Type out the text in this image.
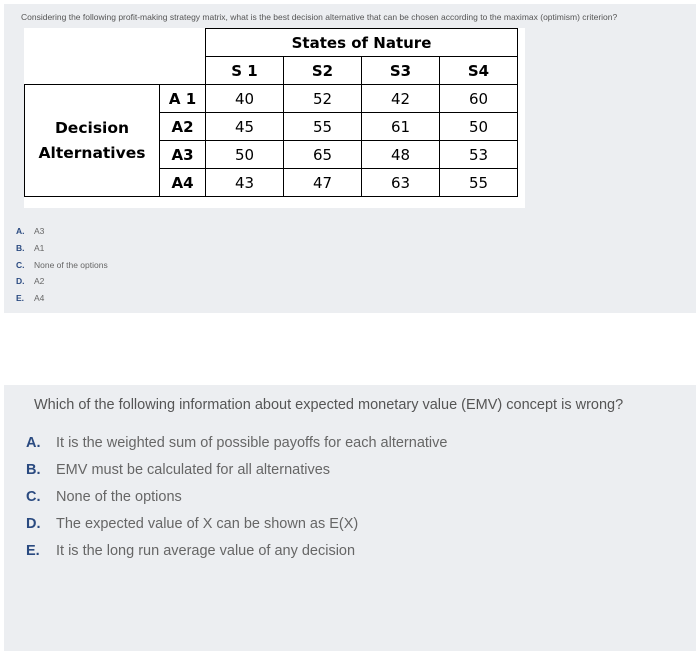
Considering the following profit-making strategy matrix, what is the best decision alternative that can be chosen according to the maximax (optimism) criterion?
		States of Nature			
		S 1	S2	S3	S4

Decision
Alternatives	A 1	40	52	42	60
	A2	45	55	61	50
	A3	50	65	48	53
	A4	43	47	63	55
A. A3
B. A1
C. None of the options
D. A2
E. A4
Which of the following information about expected monetary value (EMV) concept is wrong?
A. It is the weighted sum of possible payoffs for each alternative
B. EMV must be calculated for all alternatives
C. None of the options
D. The expected value of X can be shown as E(X)
E. It is the long run average value of any decision
